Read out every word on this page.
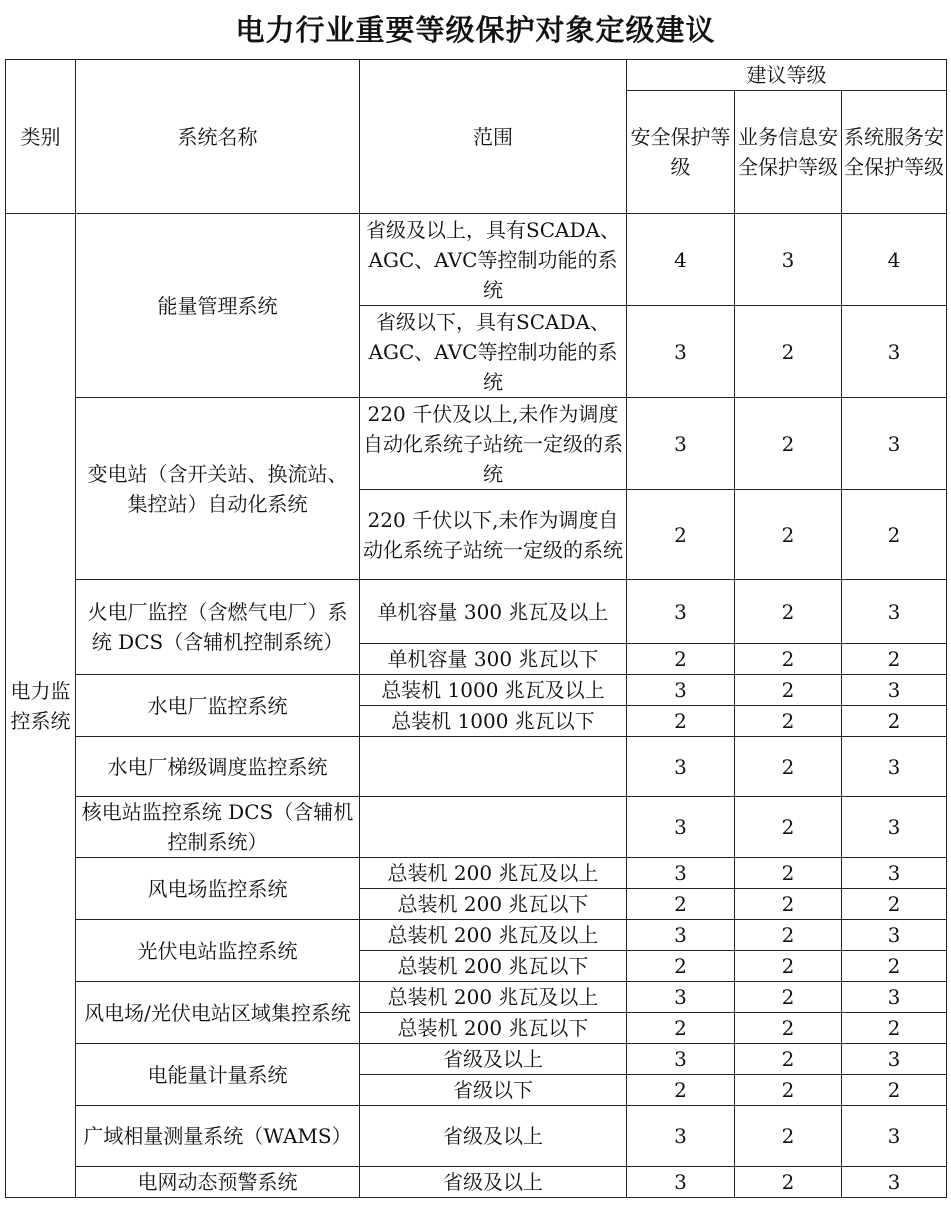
电力行业重要等级保护对象定级建议
类别	系统名称	范围	建议等级		
			安全保护等级	业务信息安全保护等级	系统服务安全保护等级
电力监控系统	能量管理系统	省级及以上，具有SCADA、AGC、AVC等控制功能的系统	4	3	4
		省级以下，具有SCADA、AGC、AVC等控制功能的系统	3	2	3
	变电站（含开关站、换流站、集控站）自动化系统	220 千伏及以上,未作为调度自动化系统子站统一定级的系统	3	2	3
		220 千伏以下,未作为调度自动化系统子站统一定级的系统	2	2	2
	火电厂监控（含燃气电厂）系统 DCS（含辅机控制系统）	单机容量 300 兆瓦及以上	3	2	3
		单机容量 300 兆瓦以下	2	2	2
	水电厂监控系统	总装机 1000 兆瓦及以上	3	2	3
		总装机 1000 兆瓦以下	2	2	2
	水电厂梯级调度监控系统		3	2	3
	核电站监控系统 DCS（含辅机控制系统）		3	2	3
	风电场监控系统	总装机 200 兆瓦及以上	3	2	3
		总装机 200 兆瓦以下	2	2	2
	光伏电站监控系统	总装机 200 兆瓦及以上	3	2	3
		总装机 200 兆瓦以下	2	2	2
	风电场/光伏电站区域集控系统	总装机 200 兆瓦及以上	3	2	3
		总装机 200 兆瓦以下	2	2	2
	电能量计量系统	省级及以上	3	2	3
		省级以下	2	2	2
	广域相量测量系统（WAMS）	省级及以上	3	2	3
	电网动态预警系统	省级及以上	3	2	3
